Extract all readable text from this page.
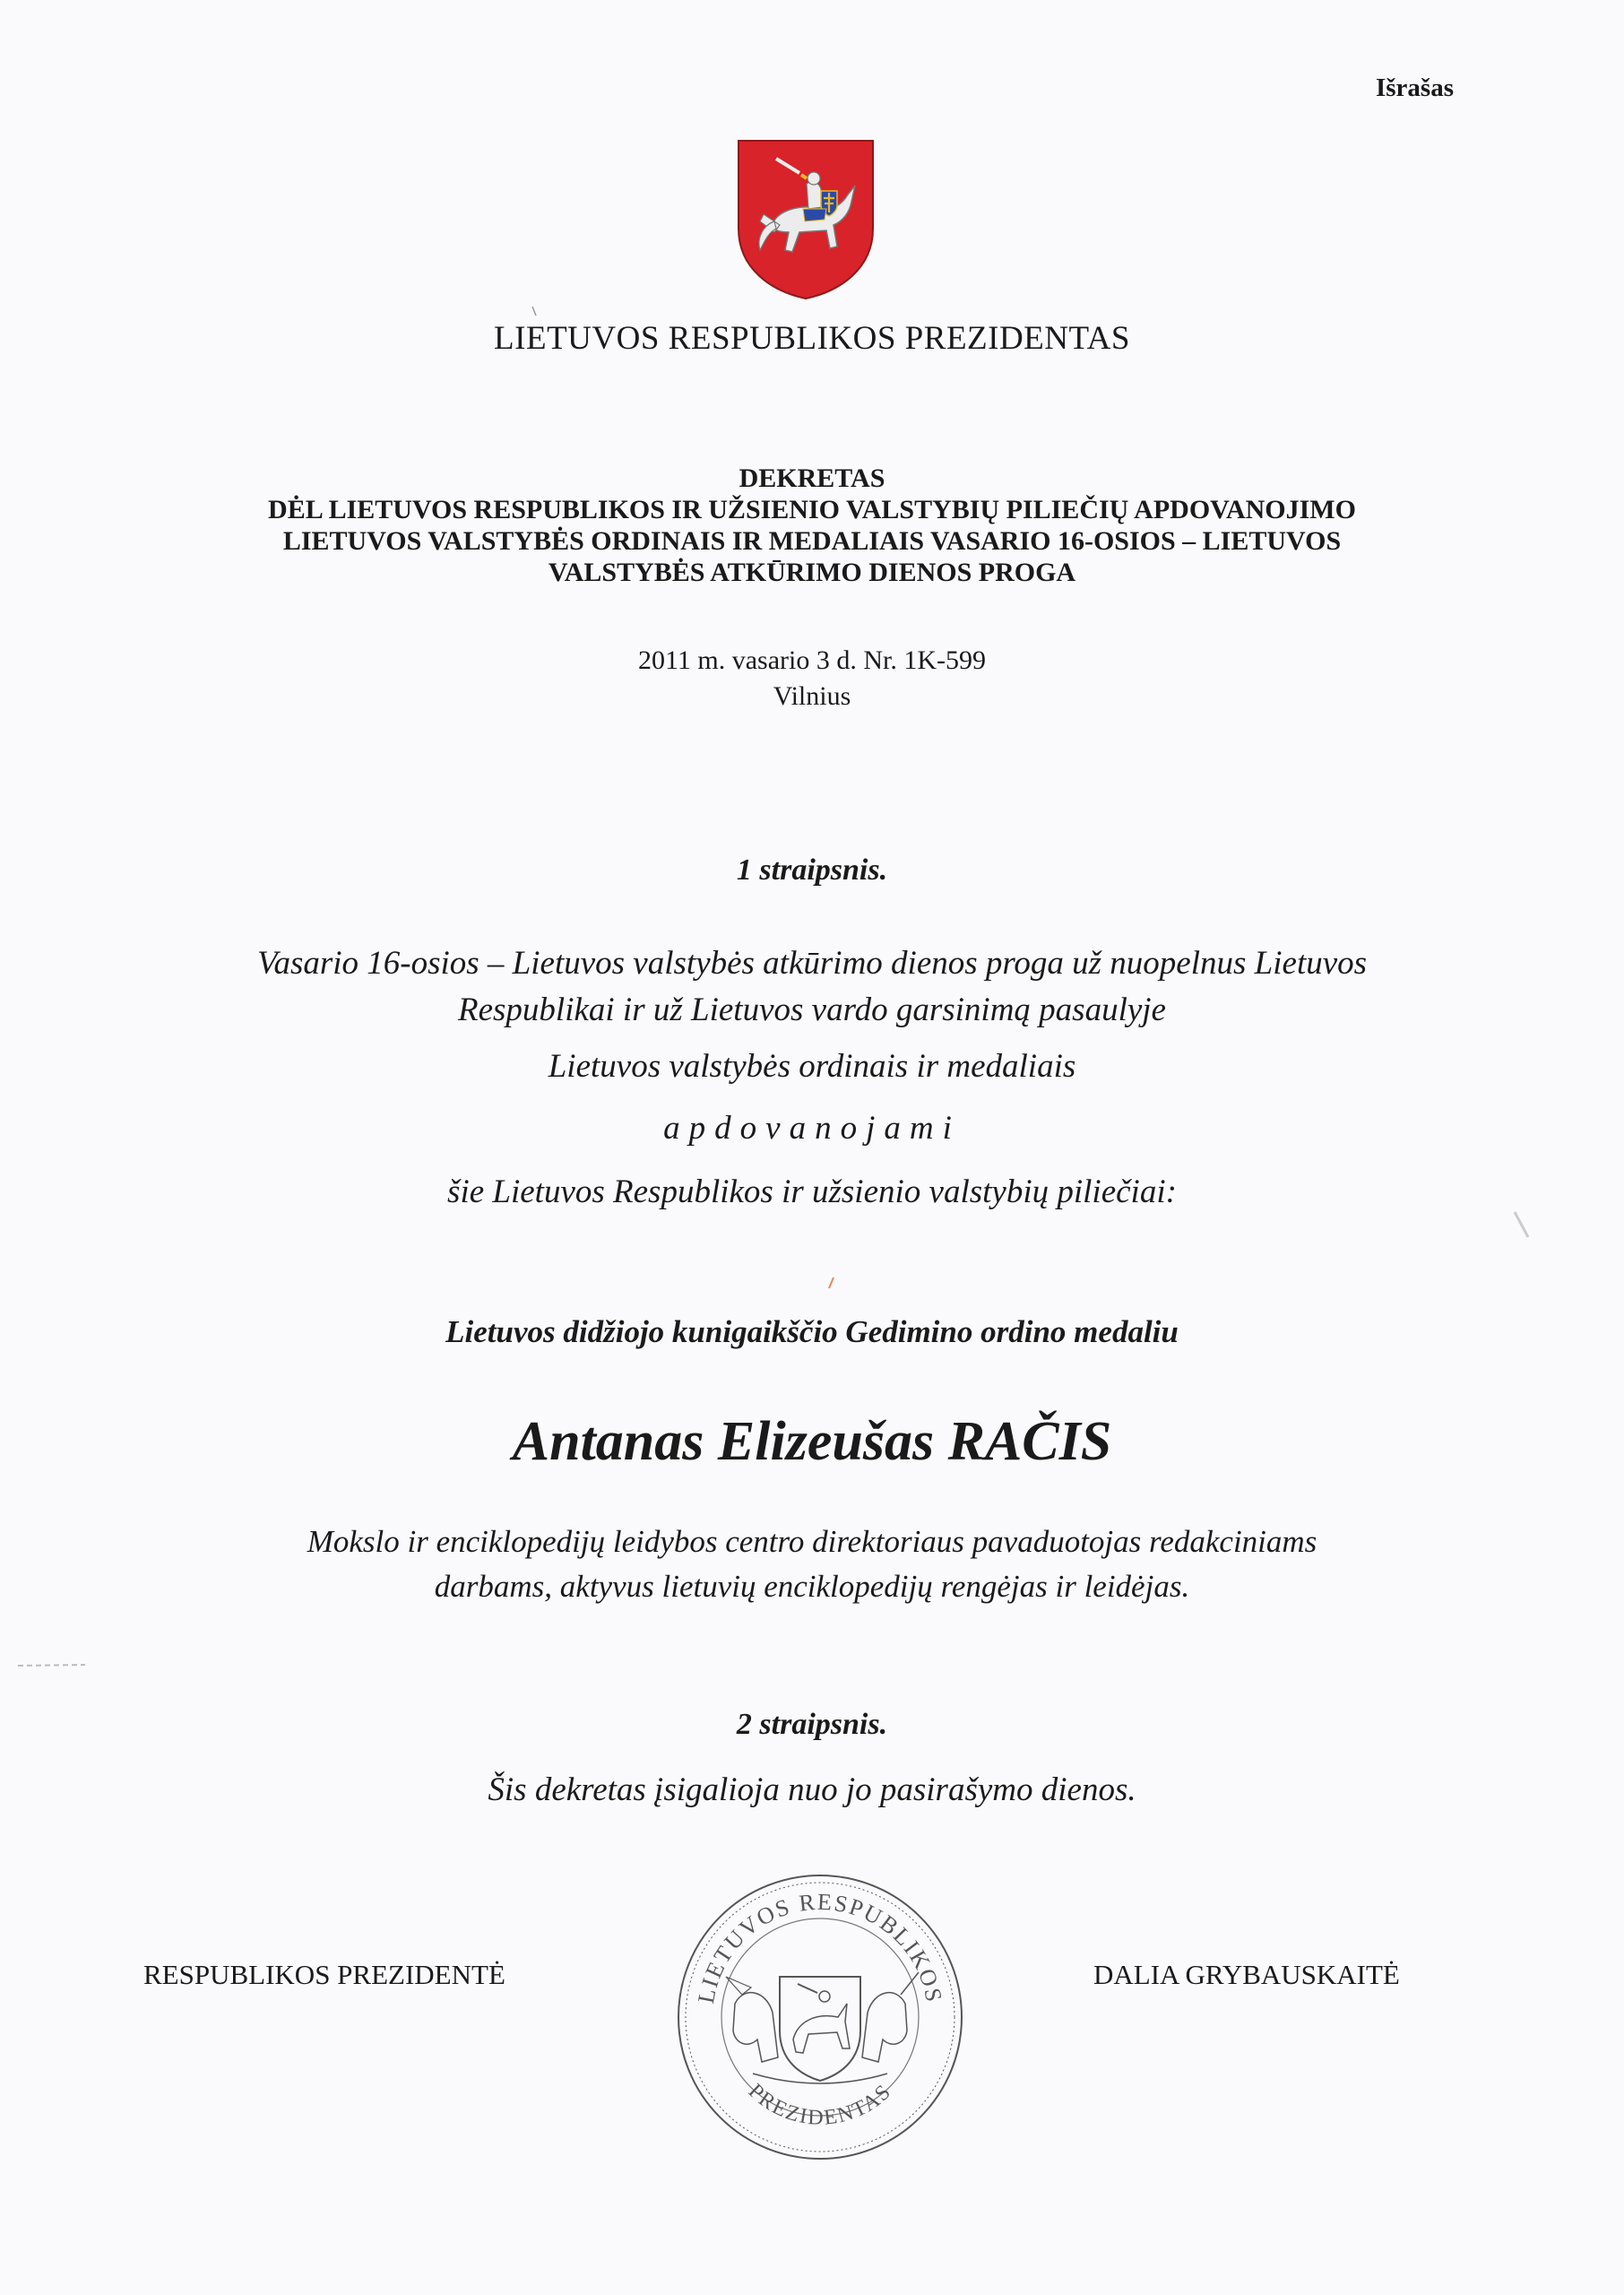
Išrašas
LIETUVOS RESPUBLIKOS PREZIDENTAS
DEKRETAS
DĖL LIETUVOS RESPUBLIKOS IR UŽSIENIO VALSTYBIŲ PILIEČIŲ APDOVANOJIMO
LIETUVOS VALSTYBĖS ORDINAIS IR MEDALIAIS VASARIO 16-OSIOS – LIETUVOS
VALSTYBĖS ATKŪRIMO DIENOS PROGA
2011 m. vasario 3 d. Nr. 1K-599
Vilnius
1 straipsnis.
Vasario 16-osios – Lietuvos valstybės atkūrimo dienos proga už nuopelnus Lietuvos
Respublikai ir už Lietuvos vardo garsinimą pasaulyje
Lietuvos valstybės ordinais ir medaliais
apdovanojami
šie Lietuvos Respublikos ir užsienio valstybių piliečiai:
Lietuvos didžiojo kunigaikščio Gedimino ordino medaliu
Antanas Elizeušas RAČIS
Mokslo ir enciklopedijų leidybos centro direktoriaus pavaduotojas redakciniams
darbams, aktyvus lietuvių enciklopedijų rengėjas ir leidėjas.
2 straipsnis.
Šis dekretas įsigalioja nuo jo pasirašymo dienos.
RESPUBLIKOS PREZIDENTĖ	DALIA GRYBAUSKAITĖ
LIETUVOS RESPUBLIKOS
PREZIDENTAS
